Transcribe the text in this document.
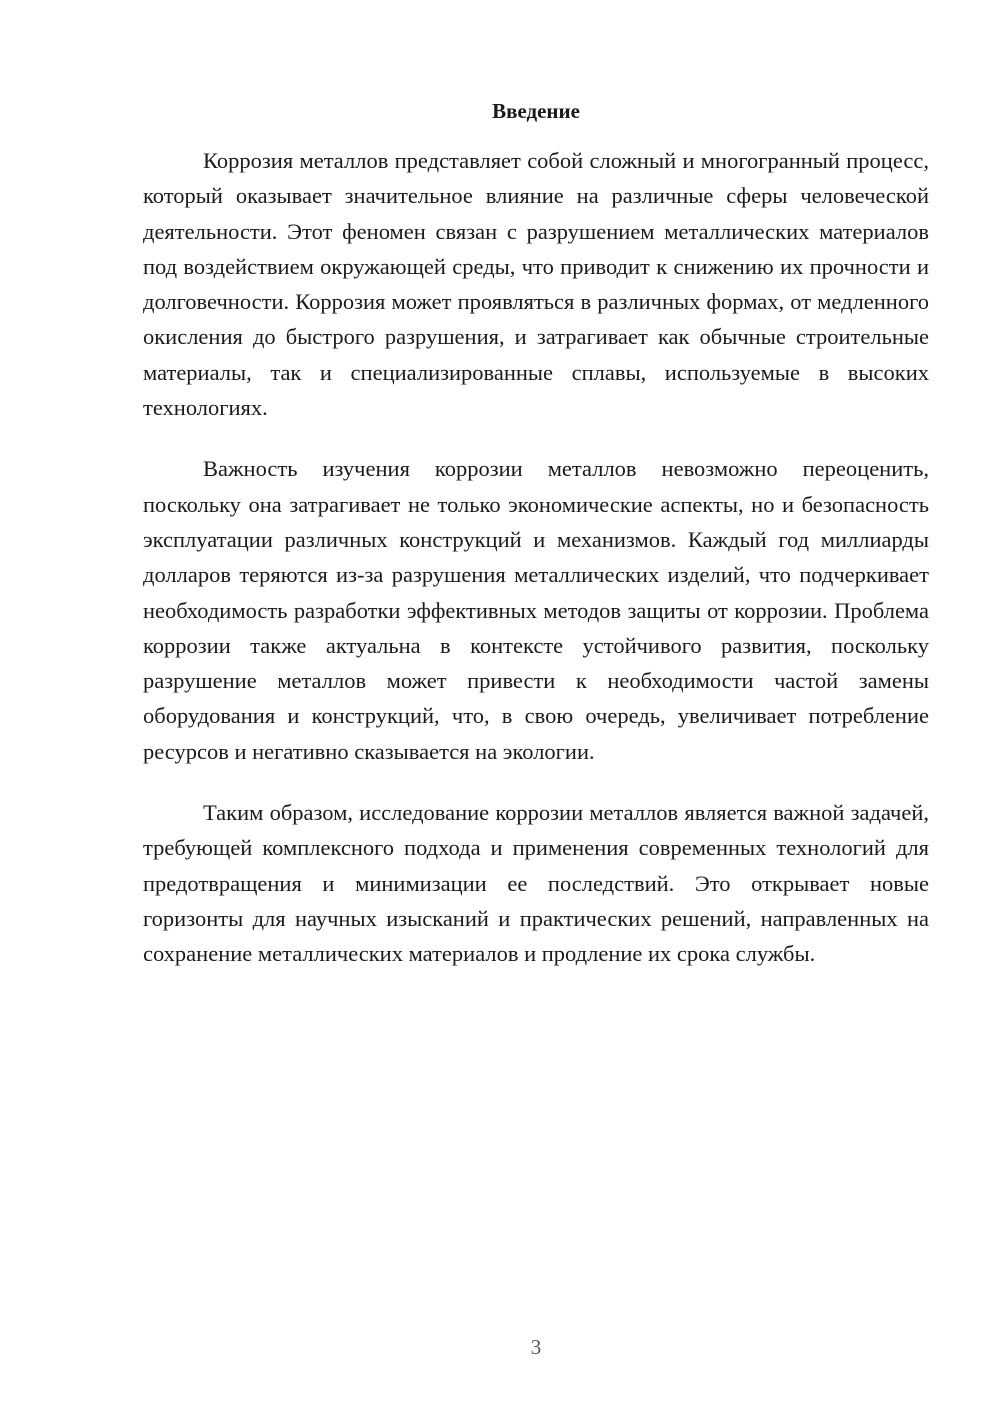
Введение

Коррозия металлов представляет собой сложный и многогранный процесс, который оказывает значительное влияние на различные сферы человеческой деятельности. Этот феномен связан с разрушением металлических материалов под воздействием окружающей среды, что приводит к снижению их прочности и долговечности. Коррозия может проявляться в различных формах, от медленного окисления до быстрого разрушения, и затрагивает как обычные строительные материалы, так и специализированные сплавы, используемые в высоких технологиях.

Важность изучения коррозии металлов невозможно переоценить, поскольку она затрагивает не только экономические аспекты, но и безопасность эксплуатации различных конструкций и механизмов. Каждый год миллиарды долларов теряются из-за разрушения металлических изделий, что подчеркивает необходимость разработки эффективных методов защиты от коррозии. Проблема коррозии также актуальна в контексте устойчивого развития, поскольку разрушение металлов может привести к необходимости частой замены оборудования и конструкций, что, в свою очередь, увеличивает потребление ресурсов и негативно сказывается на экологии.

Таким образом, исследование коррозии металлов является важной задачей, требующей комплексного подхода и применения современных технологий для предотвращения и минимизации ее последствий. Это открывает новые горизонты для научных изысканий и практических решений, направленных на сохранение металлических материалов и продление их срока службы.

3
